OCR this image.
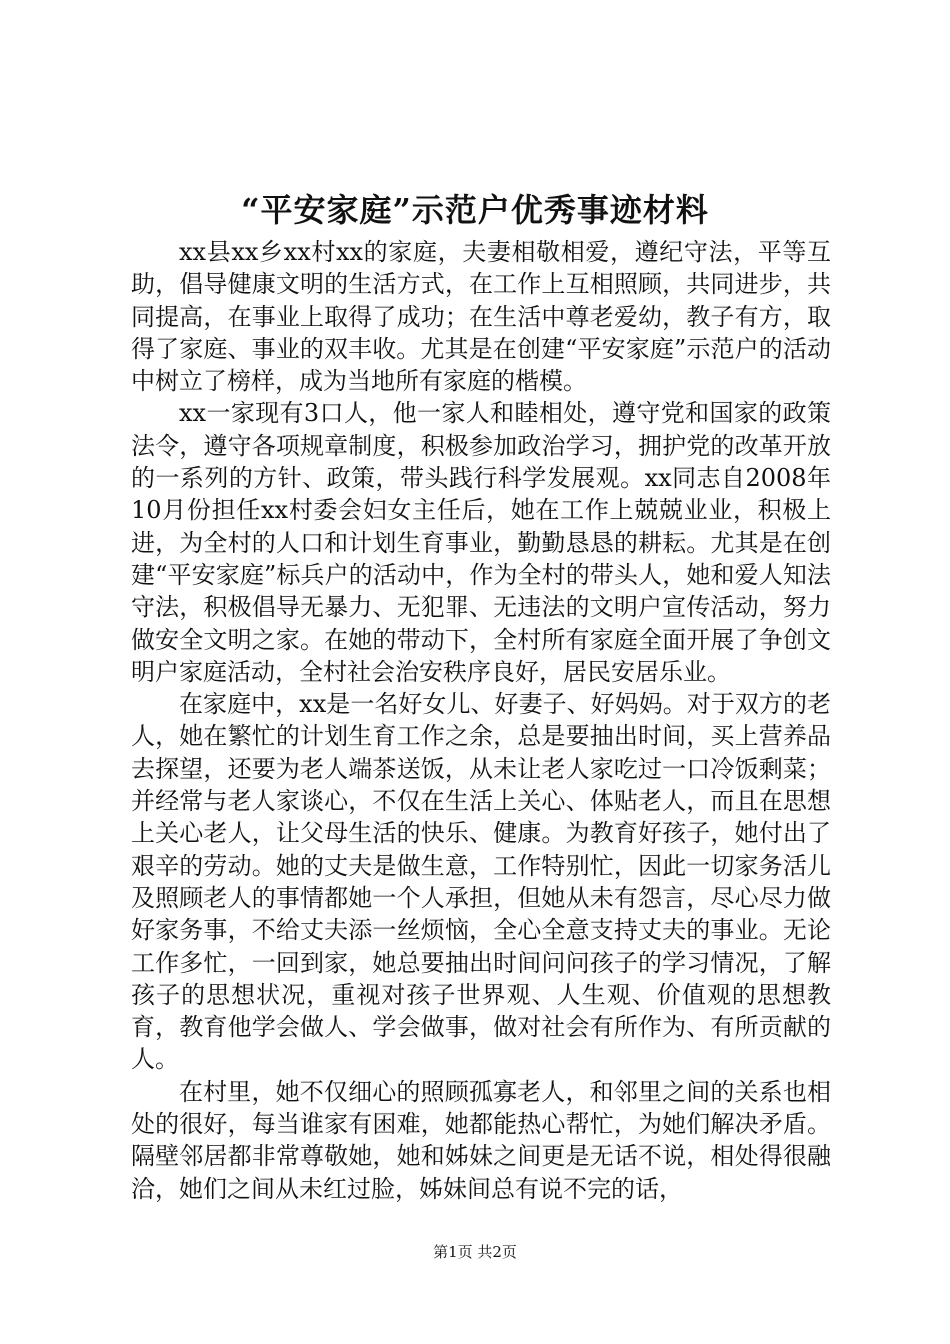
“平安家庭”示范户优秀事迹材料

xx县xx乡xx村xx的家庭，夫妻相敬相爱，遵纪守法，平等互助，倡导健康文明的生活方式，在工作上互相照顾，共同进步，共同提高，在事业上取得了成功；在生活中尊老爱幼，教子有方，取得了家庭、事业的双丰收。尤其是在创建“平安家庭”示范户的活动中树立了榜样，成为当地所有家庭的楷模。

xx一家现有3口人，他一家人和睦相处，遵守党和国家的政策法令，遵守各项规章制度，积极参加政治学习，拥护党的改革开放的一系列的方针、政策，带头践行科学发展观。xx同志自2008年10月份担任xx村委会妇女主任后，她在工作上兢兢业业，积极上进，为全村的人口和计划生育事业，勤勤恳恳的耕耘。尤其是在创建“平安家庭”标兵户的活动中，作为全村的带头人，她和爱人知法守法，积极倡导无暴力、无犯罪、无违法的文明户宣传活动，努力做安全文明之家。在她的带动下，全村所有家庭全面开展了争创文明户家庭活动，全村社会治安秩序良好，居民安居乐业。

在家庭中，xx是一名好女儿、好妻子、好妈妈。对于双方的老人，她在繁忙的计划生育工作之余，总是要抽出时间，买上营养品去探望，还要为老人端茶送饭，从未让老人家吃过一口冷饭剩菜；并经常与老人家谈心，不仅在生活上关心、体贴老人，而且在思想上关心老人，让父母生活的快乐、健康。为教育好孩子，她付出了艰辛的劳动。她的丈夫是做生意，工作特别忙，因此一切家务活儿及照顾老人的事情都她一个人承担，但她从未有怨言，尽心尽力做好家务事，不给丈夫添一丝烦恼，全心全意支持丈夫的事业。无论工作多忙，一回到家，她总要抽出时间问问孩子的学习情况，了解孩子的思想状况，重视对孩子世界观、人生观、价值观的思想教育，教育他学会做人、学会做事，做对社会有所作为、有所贡献的人。

在村里，她不仅细心的照顾孤寡老人，和邻里之间的关系也相处的很好，每当谁家有困难，她都能热心帮忙，为她们解决矛盾。隔壁邻居都非常尊敬她，她和姊妹之间更是无话不说，相处得很融洽，她们之间从未红过脸，姊妹间总有说不完的话，

第1页 共2页
